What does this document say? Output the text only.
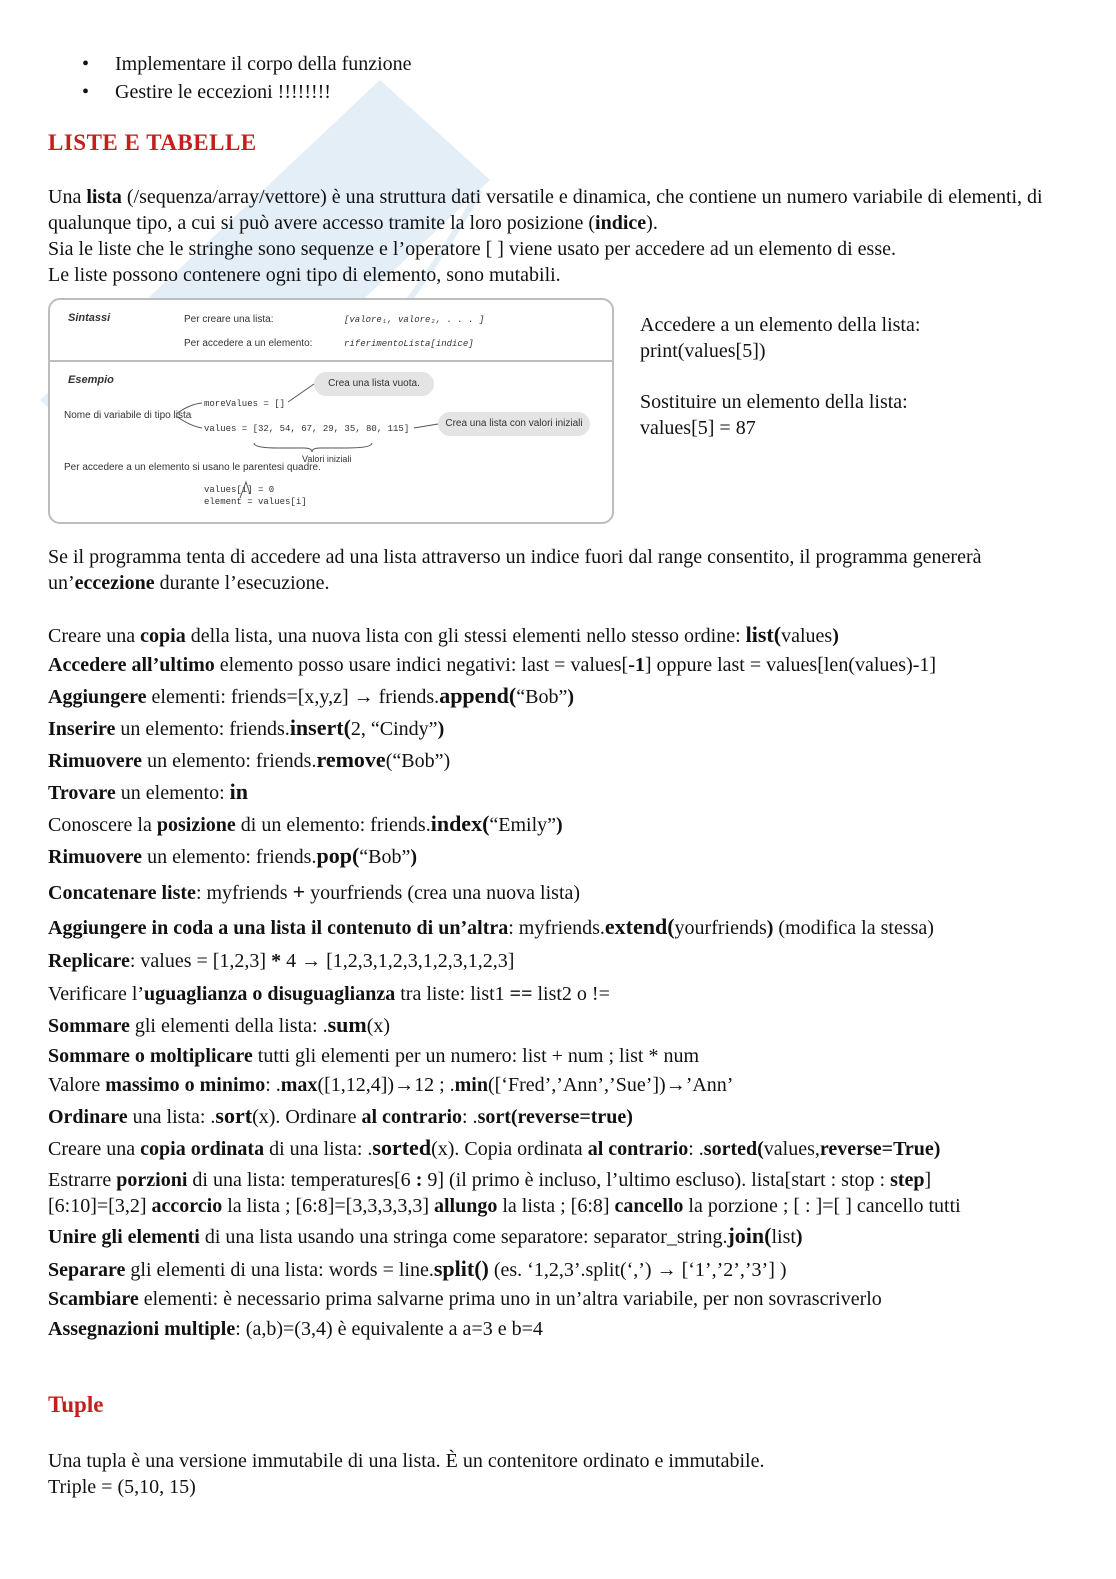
• Implementare il corpo della funzione
• Gestire le eccezioni !!!!!!!!
LISTE E TABELLE

Una lista (/sequenza/array/vettore) è una struttura dati versatile e dinamica, che contiene un numero variabile di elementi, di qualunque tipo, a cui si può avere accesso tramite la loro posizione (indice).
Sia le liste che le stringhe sono sequenze e l’operatore [ ] viene usato per accedere ad un elemento di esse.
Le liste possono contenere ogni tipo di elemento, sono mutabili.

Sintassi	Per creare una lista:	[valore₁, valore₂, . . . ]
Per accedere a un elemento:	riferimentoLista[indice]
Esempio	Crea una lista vuota.
Nome di variabile di tipo lista
moreValues = []
values = [32, 54, 67, 29, 35, 80, 115]	Crea una lista con valori iniziali
Valori iniziali
Per accedere a un elemento si usano le parentesi quadre.
values[i] = 0
element = values[i]
Accedere a un elemento della lista:
print(values[5])
Sostituire un elemento della lista:
values[5] = 87

Se il programma tenta di accedere ad una lista attraverso un indice fuori dal range consentito, il programma genererà un’eccezione durante l’esecuzione.

Creare una copia della lista, una nuova lista con gli stessi elementi nello stesso ordine: list(values)
Accedere all’ultimo elemento posso usare indici negativi: last = values[-1] oppure last = values[len(values)-1]
Aggiungere elementi: friends=[x,y,z] → friends.append(“Bob”)
Inserire un elemento: friends.insert(2, “Cindy”)
Rimuovere un elemento: friends.remove(“Bob”)
Trovare un elemento: in
Conoscere la posizione di un elemento: friends.index(“Emily”)
Rimuovere un elemento: friends.pop(“Bob”)
Concatenare liste: myfriends + yourfriends (crea una nuova lista)
Aggiungere in coda a una lista il contenuto di un’altra: myfriends.extend(yourfriends) (modifica la stessa)
Replicare: values = [1,2,3] * 4 → [1,2,3,1,2,3,1,2,3,1,2,3]
Verificare l’uguaglianza o disuguaglianza tra liste: list1 == list2 o !=
Sommare gli elementi della lista: .sum(x)
Sommare o moltiplicare tutti gli elementi per un numero: list + num ; list * num
Valore massimo o minimo: .max([1,12,4])→12 ; .min([‘Fred’,’Ann’,’Sue’])→’Ann’
Ordinare una lista: .sort(x). Ordinare al contrario: .sort(reverse=true)
Creare una copia ordinata di una lista: .sorted(x). Copia ordinata al contrario: .sorted(values,reverse=True)
Estrarre porzioni di una lista: temperatures[6 : 9] (il primo è incluso, l’ultimo escluso). lista[start : stop : step]
[6:10]=[3,2] accorcio la lista ; [6:8]=[3,3,3,3,3] allungo la lista ; [6:8] cancello la porzione ; [ : ]=[ ] cancello tutti
Unire gli elementi di una lista usando una stringa come separatore: separator_string.join(list)
Separare gli elementi di una lista: words = line.split() (es. ‘1,2,3’.split(‘,’) → [‘1’,’2’,’3’] )
Scambiare elementi: è necessario prima salvarne prima uno in un’altra variabile, per non sovrascriverlo
Assegnazioni multiple: (a,b)=(3,4) è equivalente a a=3 e b=4
Tuple

Una tupla è una versione immutabile di una lista. È un contenitore ordinato e immutabile.
Triple = (5,10, 15)
